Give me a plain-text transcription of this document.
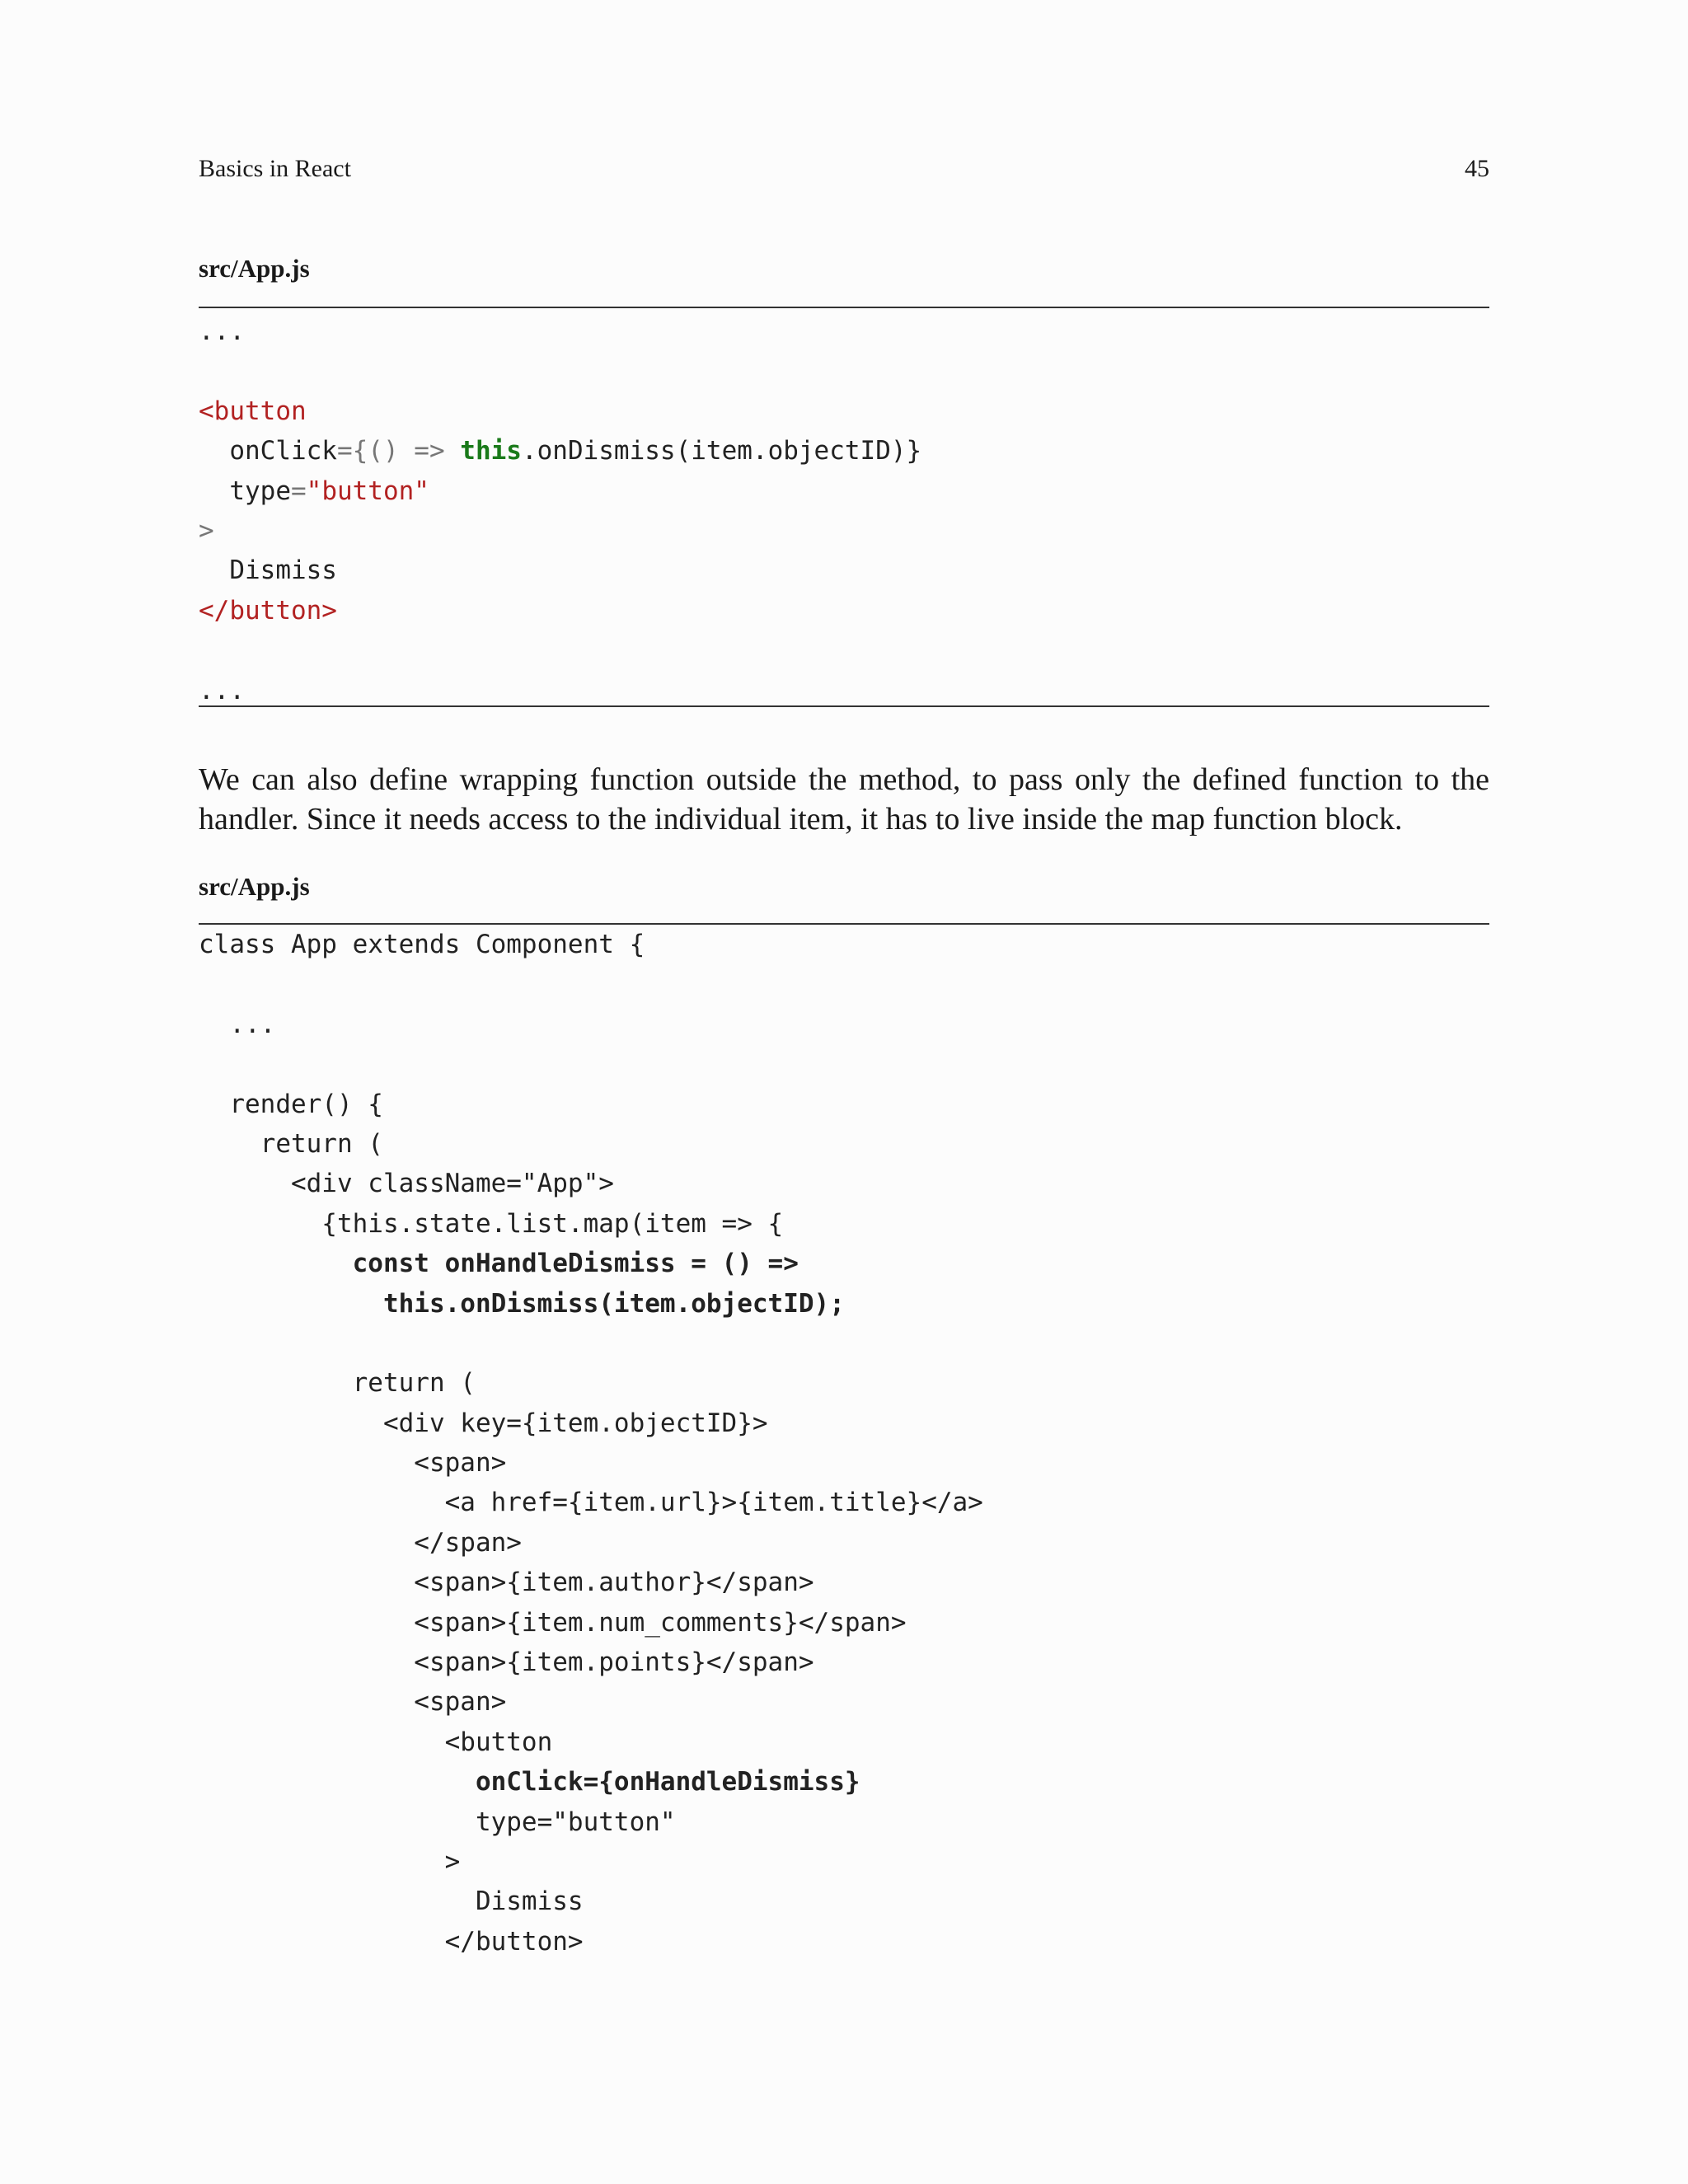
Basics in React	45
src/App.js
...
<button
onClick={() => this.onDismiss(item.objectID)}
type="button"
>
Dismiss
</button>
...

We can also define wrapping function outside the method, to pass only the defined function to the handler. Since it needs access to the individual item, it has to live inside the map function block.

src/App.js
class App extends Component {
...
render() {
return (
<div className="App">
{this.state.list.map(item => {
const onHandleDismiss = () =>
this.onDismiss(item.objectID);
return (
<div key={item.objectID}>
<span>
<a href={item.url}>{item.title}</a>
</span>
<span>{item.author}</span>
<span>{item.num_comments}</span>
<span>{item.points}</span>
<span>
<button
onClick={onHandleDismiss}
type="button"
>
Dismiss
</button>
